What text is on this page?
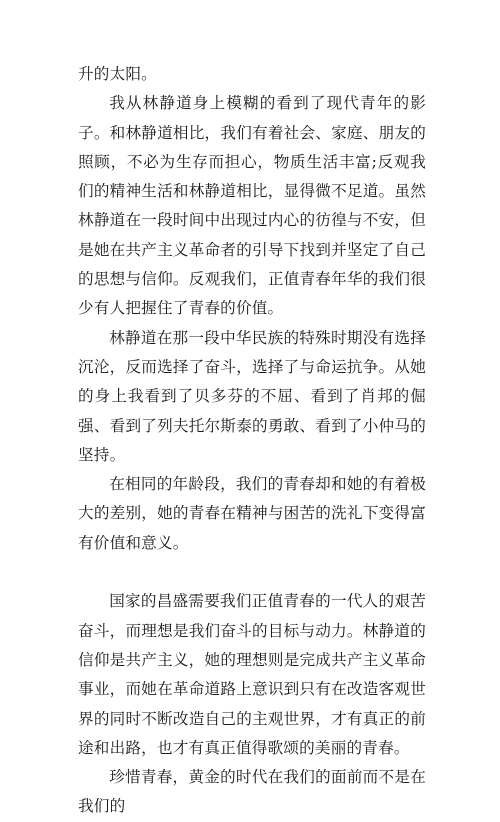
升的太阳。

我从林静道身上模糊的看到了现代青年的影子。和林静道相比，我们有着社会、家庭、朋友的照顾，不必为生存而担心，物质生活丰富;反观我们的精神生活和林静道相比，显得微不足道。虽然林静道在一段时间中出现过内心的彷徨与不安，但是她在共产主义革命者的引导下找到并坚定了自己的思想与信仰。反观我们，正值青春年华的我们很少有人把握住了青春的价值。

林静道在那一段中华民族的特殊时期没有选择沉沦，反而选择了奋斗，选择了与命运抗争。从她的身上我看到了贝多芬的不屈、看到了肖邦的倔强、看到了列夫托尔斯泰的勇敢、看到了小仲马的坚持。

在相同的年龄段，我们的青春却和她的有着极大的差别，她的青春在精神与困苦的洗礼下变得富有价值和意义。

国家的昌盛需要我们正值青春的一代人的艰苦奋斗，而理想是我们奋斗的目标与动力。林静道的信仰是共产主义，她的理想则是完成共产主义革命事业，而她在革命道路上意识到只有在改造客观世界的同时不断改造自己的主观世界，才有真正的前途和出路，也才有真正值得歌颂的美丽的青春。

珍惜青春，黄金的时代在我们的面前而不是在我们的
